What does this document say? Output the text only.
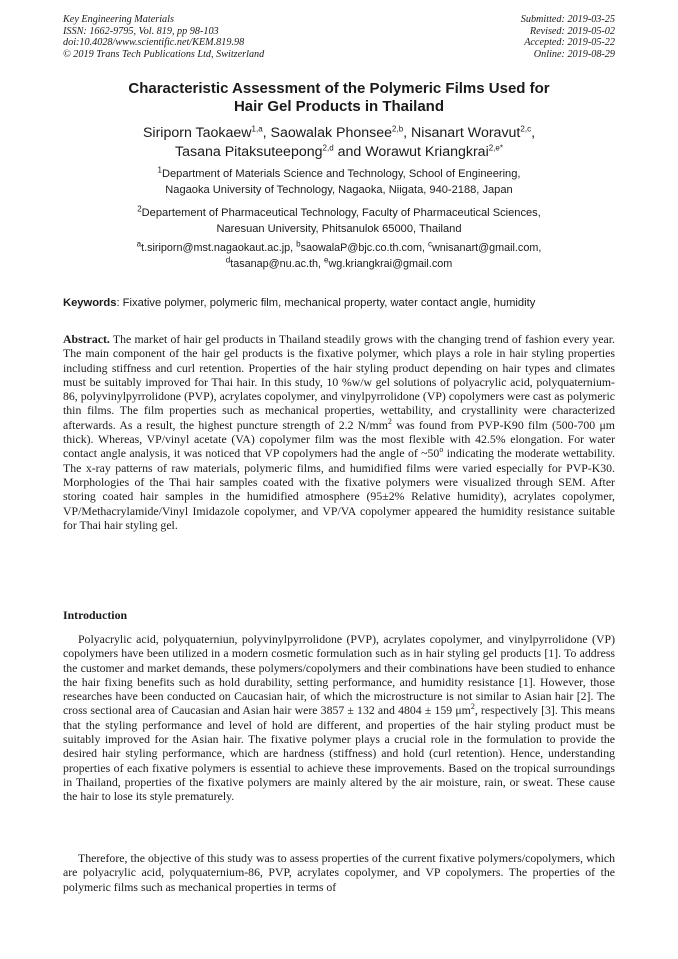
Key Engineering Materials
ISSN: 1662-9795, Vol. 819, pp 98-103
doi:10.4028/www.scientific.net/KEM.819.98
© 2019 Trans Tech Publications Ltd, Switzerland
Submitted: 2019-03-25
Revised: 2019-05-02
Accepted: 2019-05-22
Online: 2019-08-29
Characteristic Assessment of the Polymeric Films Used for
Hair Gel Products in Thailand
Siriporn Taokaew$^{1,a}$, Saowalak Phonsee$^{2,b}$, Nisanart Woravut$^{2,c}$,
Tasana Pitaksuteepong$^{2,d}$ and Worawut Kriangkrai$^{2,e*}$
$^1$Department of Materials Science and Technology, School of Engineering,
Nagaoka University of Technology, Nagaoka, Niigata, 940-2188, Japan
$^2$Departement of Pharmaceutical Technology, Faculty of Pharmaceutical Sciences,
Naresuan University, Phitsanulok 65000, Thailand
$^a$t.siriporn@mst.nagaokaut.ac.jp, $^b$saowalaP@bjc.co.th.com, $^c$wnisanart@gmail.com,
$^d$tasanap@nu.ac.th, $^e$wg.kriangkrai@gmail.com
Keywords: Fixative polymer, polymeric film, mechanical property, water contact angle, humidity
Abstract. The market of hair gel products in Thailand steadily grows with the changing trend of fashion every year. The main component of the hair gel products is the fixative polymer, which plays a role in hair styling properties including stiffness and curl retention. Properties of the hair styling product depending on hair types and climates must be suitably improved for Thai hair. In this study, 10 %w/w gel solutions of polyacrylic acid, polyquaternium-86, polyvinylpyrrolidone (PVP), acrylates copolymer, and vinylpyrrolidone (VP) copolymers were cast as polymeric thin films. The film properties such as mechanical properties, wettability, and crystallinity were characterized afterwards. As a result, the highest puncture strength of 2.2 $N/mm^2$ was found from PVP-K90 film (500-700 μm thick). Whereas, VP/vinyl acetate (VA) copolymer film was the most flexible with 42.5% elongation. For water contact angle analysis, it was noticed that VP copolymers had the angle of ~50$^o$ indicating the moderate wettability. The x-ray patterns of raw materials, polymeric films, and humidified films were varied especially for PVP-K30. Morphologies of the Thai hair samples coated with the fixative polymers were visualized through SEM. After storing coated hair samples in the humidified atmosphere (95±2% Relative humidity), acrylates copolymer, VP/Methacrylamide/Vinyl Imidazole copolymer, and VP/VA copolymer appeared the humidity resistance suitable for Thai hair styling gel.
Introduction

Polyacrylic acid, polyquaterniun, polyvinylpyrrolidone (PVP), acrylates copolymer, and vinylpyrrolidone (VP) copolymers have been utilized in a modern cosmetic formulation such as in hair styling gel products [1]. To address the customer and market demands, these polymers/copolymers and their combinations have been studied to enhance the hair fixing benefits such as hold durability, setting performance, and humidity resistance [1]. However, those researches have been conducted on Caucasian hair, of which the microstructure is not similar to Asian hair [2]. The cross sectional area of Caucasian and Asian hair were 3857 ± 132 and 4804 ± 159 $\mu m^2$, respectively [3]. This means that the styling performance and level of hold are different, and properties of the hair styling product must be suitably improved for the Asian hair. The fixative polymer plays a crucial role in the formulation to provide the desired hair styling performance, which are hardness (stiffness) and hold (curl retention). Hence, understanding properties of each fixative polymers is essential to achieve these improvements. Based on the tropical surroundings in Thailand, properties of the fixative polymers are mainly altered by the air moisture, rain, or sweat. These cause the hair to lose its style prematurely.

Therefore, the objective of this study was to assess properties of the current fixative polymers/copolymers, which are polyacrylic acid, polyquaternium-86, PVP, acrylates copolymer, and VP copolymers. The properties of the polymeric films such as mechanical properties in terms of
